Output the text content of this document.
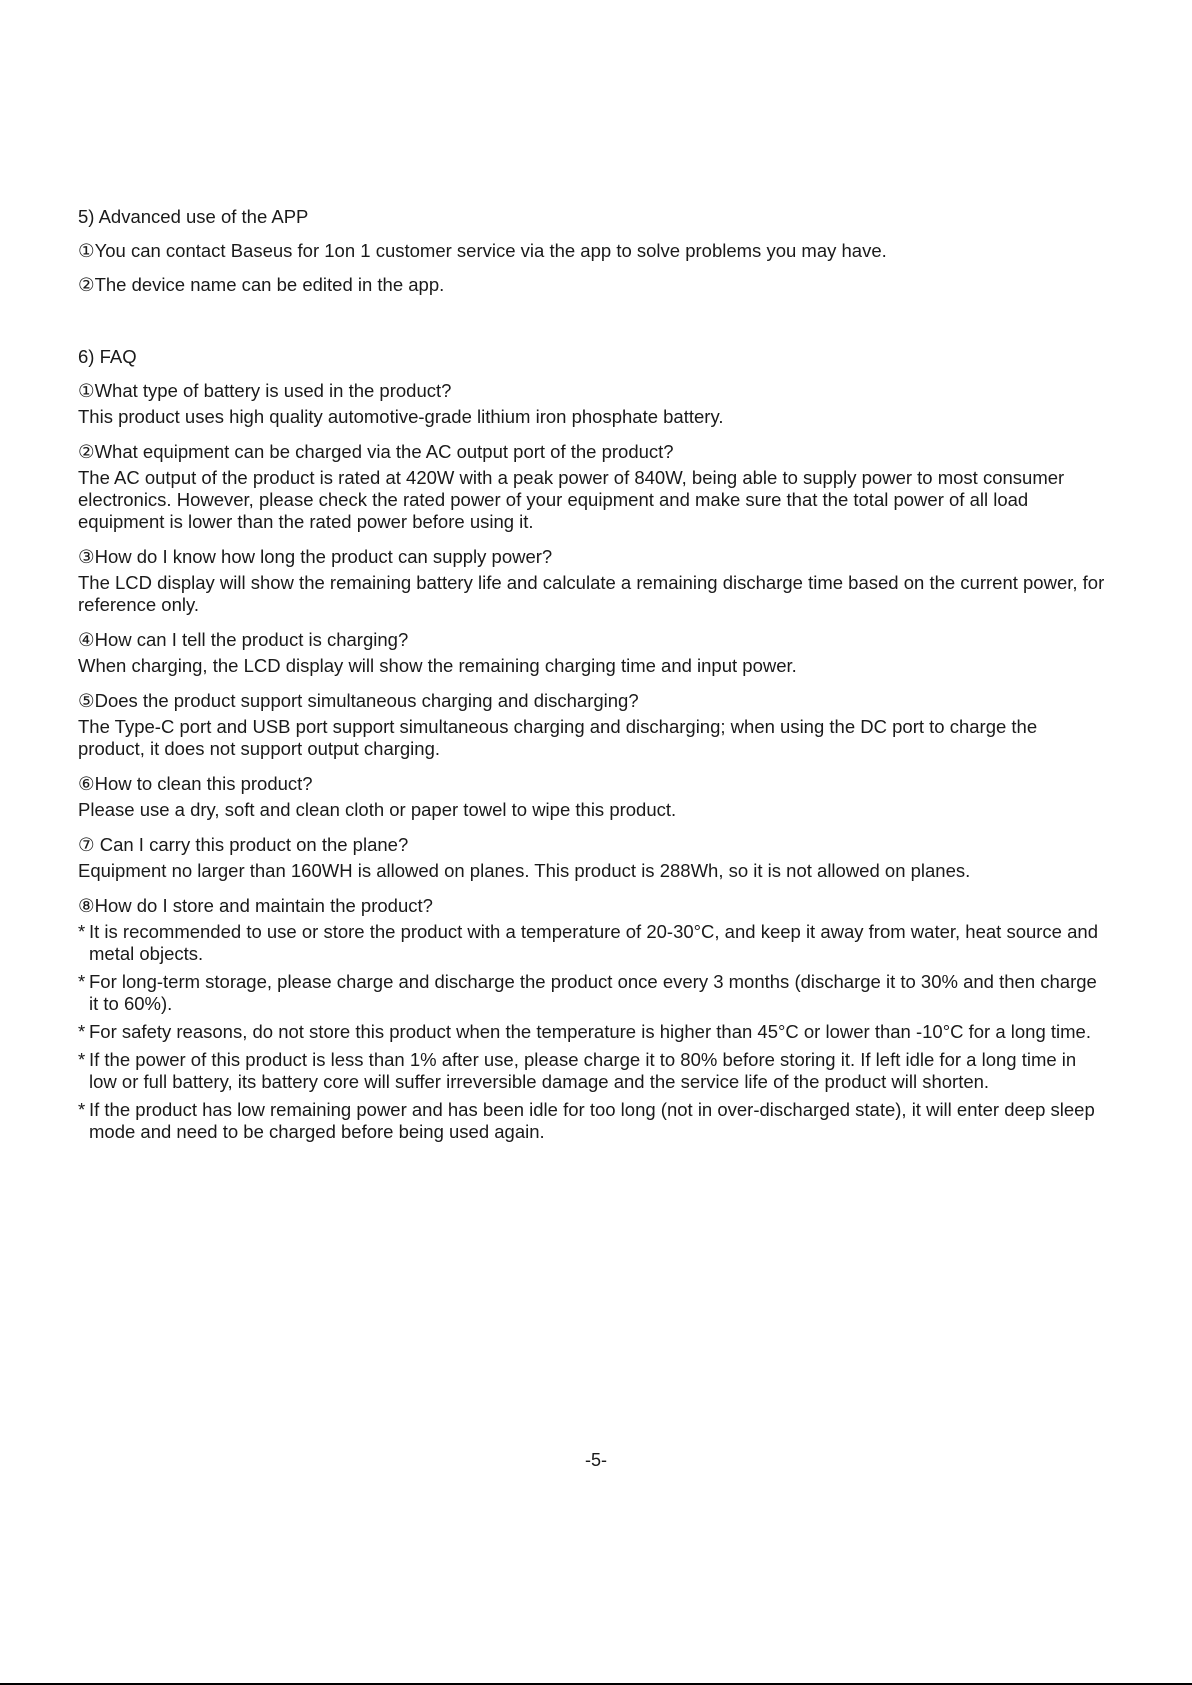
5) Advanced use of the APP

①You can contact Baseus for 1on 1 customer service via the app to solve problems you may have.

②The device name can be edited in the app.

6) FAQ

①What type of battery is used in the product?

This product uses high quality automotive-grade lithium iron phosphate battery.

②What equipment can be charged via the AC output port of the product?

The AC output of the product is rated at 420W with a peak power of 840W, being able to supply power to most consumer electronics. However, please check the rated power of your equipment and make sure that the total power of all load equipment is lower than the rated power before using it.

③How do I know how long the product can supply power?

The LCD display will show the remaining battery life and calculate a remaining discharge time based on the current power, for reference only.

④How can I tell the product is charging?

When charging, the LCD display will show the remaining charging time and input power.

⑤Does the product support simultaneous charging and discharging?

The Type-C port and USB port support simultaneous charging and discharging; when using the DC port to charge the product, it does not support output charging.

⑥How to clean this product?

Please use a dry, soft and clean cloth or paper towel to wipe this product.

⑦ Can I carry this product on the plane?

Equipment no larger than 160WH is allowed on planes. This product is 288Wh, so it is not allowed on planes.

⑧How do I store and maintain the product?

* It is recommended to use or store the product with a temperature of 20-30°C, and keep it away from water, heat source and metal objects.
* For long-term storage, please charge and discharge the product once every 3 months (discharge it to 30% and then charge it to 60%).
* For safety reasons, do not store this product when the temperature is higher than 45°C or lower than -10°C for a long time.
* If the power of this product is less than 1% after use, please charge it to 80% before storing it. If left idle for a long time in low or full battery, its battery core will suffer irreversible damage and the service life of the product will shorten.
* If the product has low remaining power and has been idle for too long (not in over-discharged state), it will enter deep sleep mode and need to be charged before being used again.
-5-
